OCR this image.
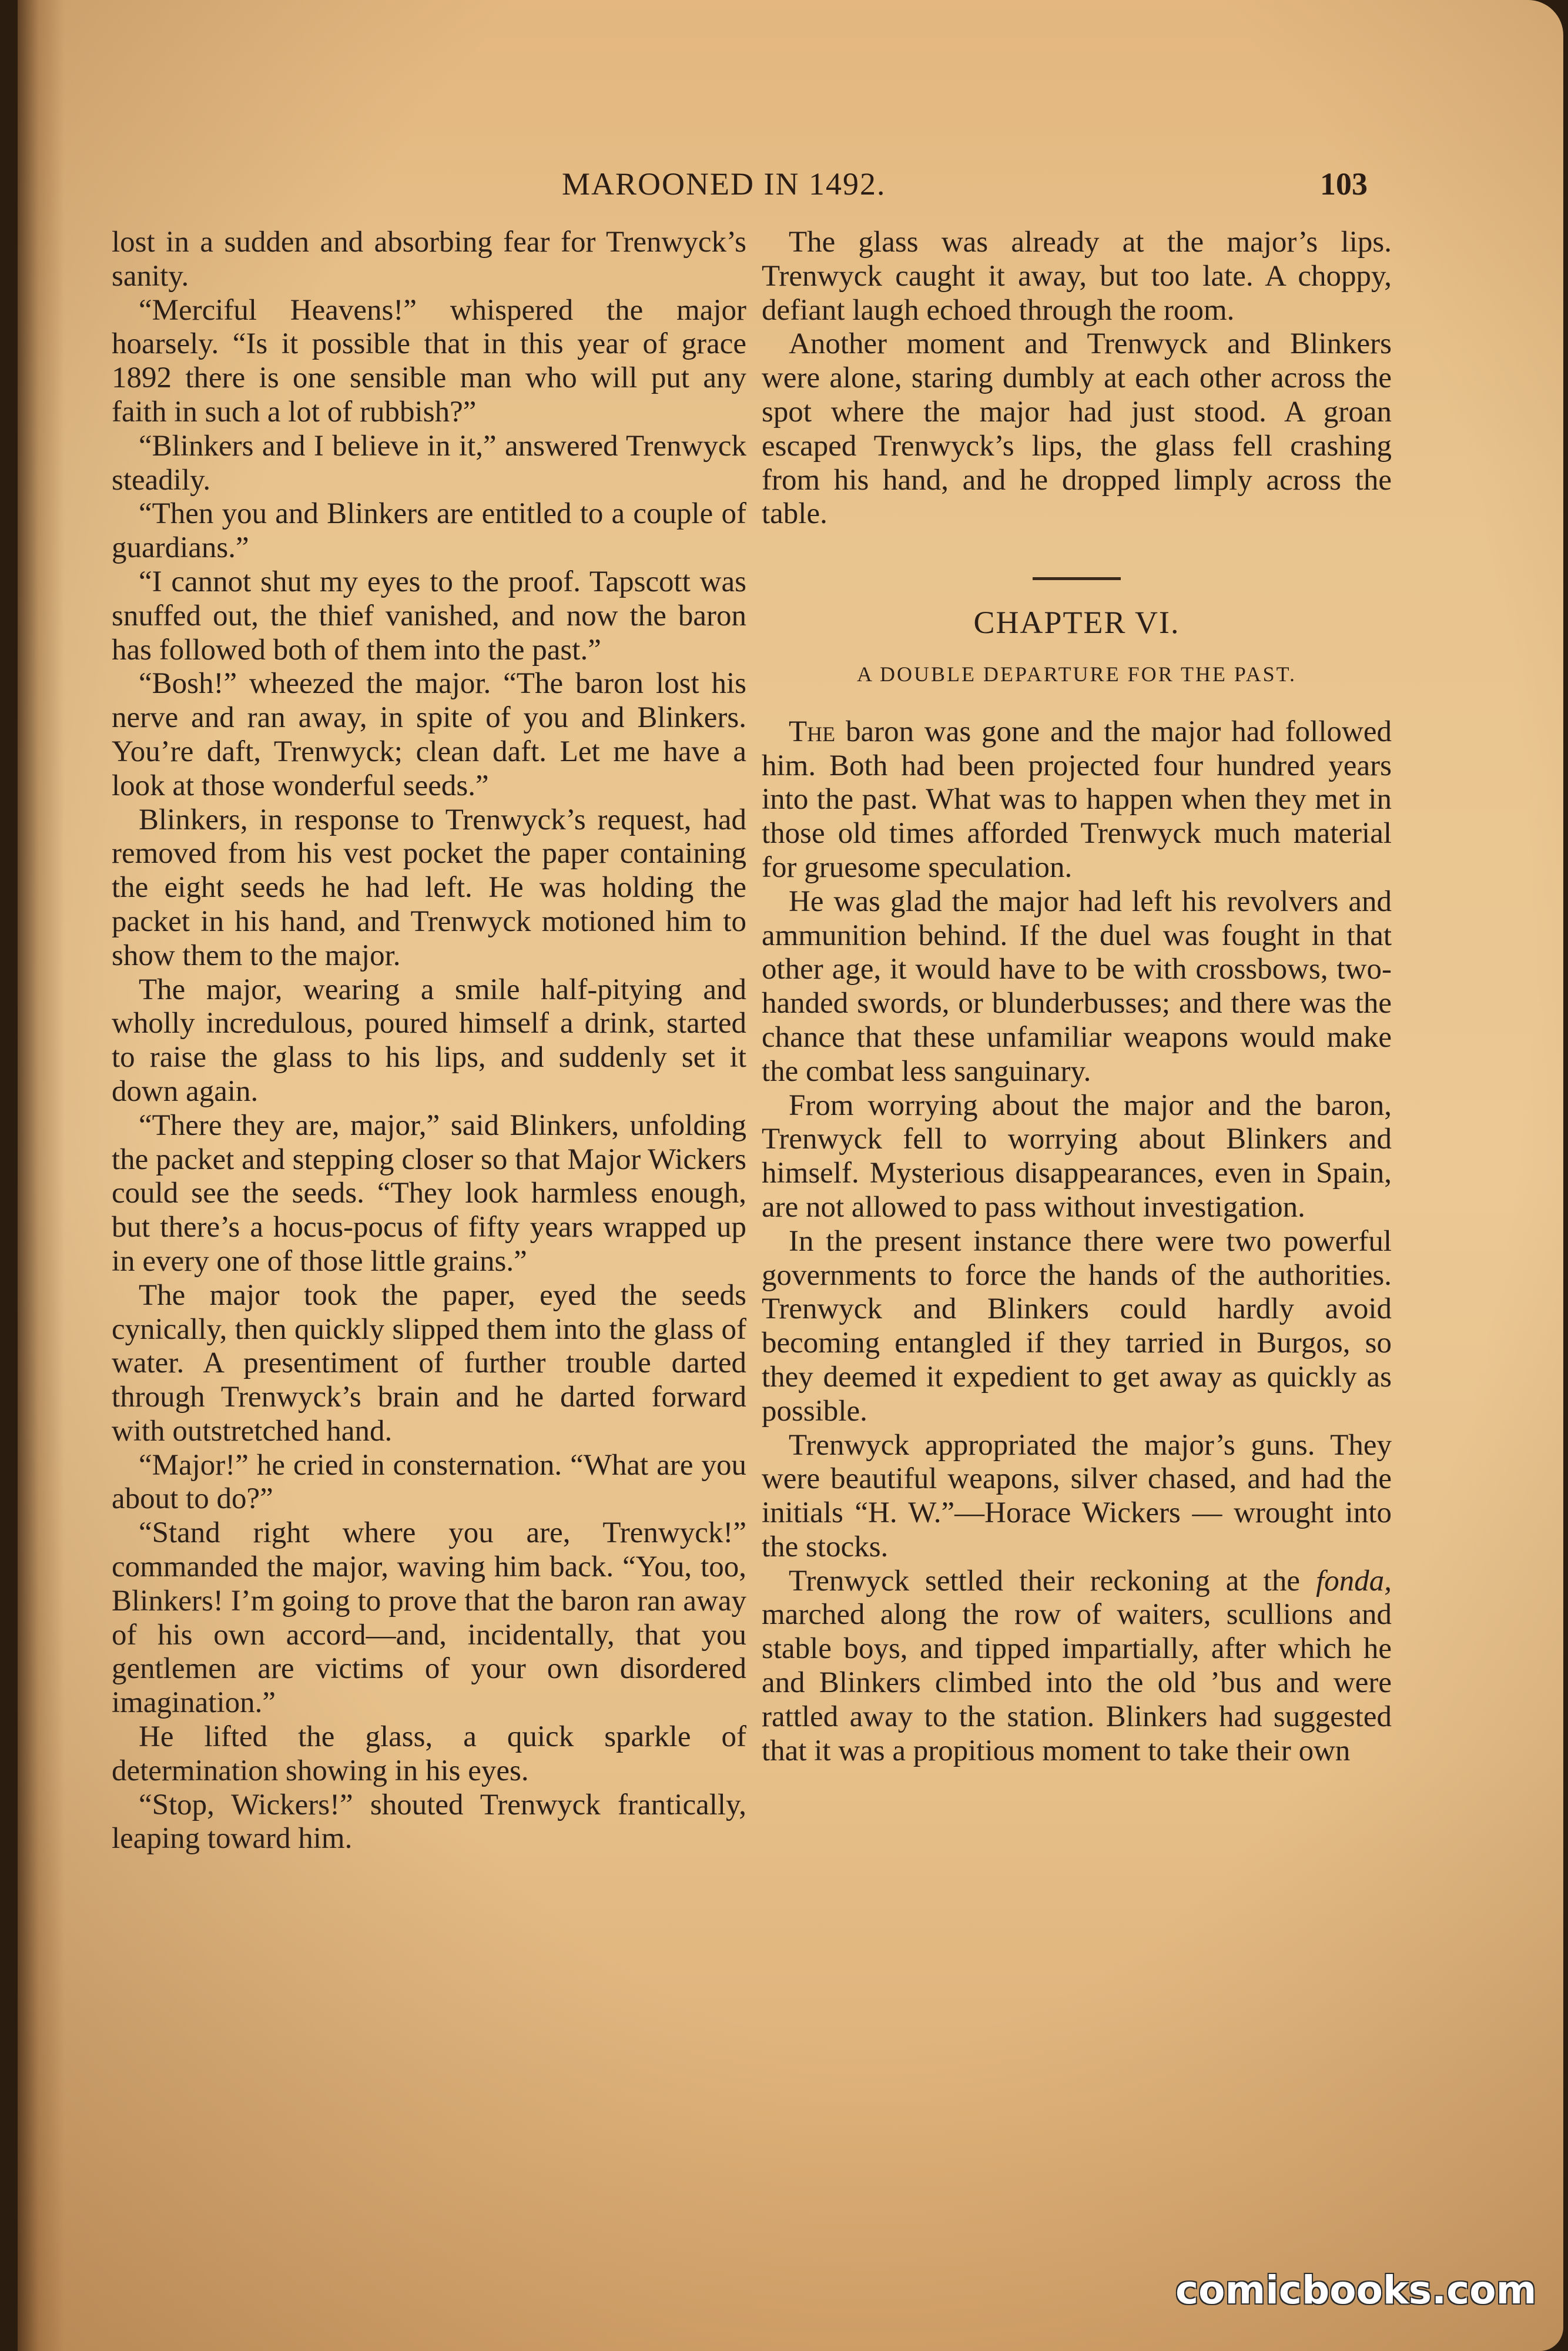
MAROONED IN 1492.	103

lost in a sudden and absorbing fear for Trenwyck’s sanity.

“Merciful Heavens!” whispered the major hoarsely. “Is it possible that in this year of grace 1892 there is one sensible man who will put any faith in such a lot of rubbish?”

“Blinkers and I believe in it,” answered Trenwyck steadily.

“Then you and Blinkers are entitled to a couple of guardians.”

“I cannot shut my eyes to the proof. Tapscott was snuffed out, the thief vanished, and now the baron has followed both of them into the past.”

“Bosh!” wheezed the major. “The baron lost his nerve and ran away, in spite of you and Blinkers. You’re daft, Trenwyck; clean daft. Let me have a look at those wonderful seeds.”

Blinkers, in response to Trenwyck’s request, had removed from his vest pocket the paper containing the eight seeds he had left. He was holding the packet in his hand, and Trenwyck motioned him to show them to the major.

The major, wearing a smile half-pitying and wholly incredulous, poured himself a drink, started to raise the glass to his lips, and suddenly set it down again.

“There they are, major,” said Blinkers, unfolding the packet and stepping closer so that Major Wickers could see the seeds. “They look harmless enough, but there’s a hocus-pocus of fifty years wrapped up in every one of those little grains.”

The major took the paper, eyed the seeds cynically, then quickly slipped them into the glass of water. A presentiment of further trouble darted through Trenwyck’s brain and he darted forward with outstretched hand.

“Major!” he cried in consternation. “What are you about to do?”

“Stand right where you are, Trenwyck!” commanded the major, waving him back. “You, too, Blinkers! I’m going to prove that the baron ran away of his own accord—and, incidentally, that you gentlemen are victims of your own disordered imagination.”

He lifted the glass, a quick sparkle of determination showing in his eyes.

“Stop, Wickers!” shouted Trenwyck frantically, leaping toward him.

The glass was already at the major’s lips. Trenwyck caught it away, but too late. A choppy, defiant laugh echoed through the room.

Another moment and Trenwyck and Blinkers were alone, staring dumbly at each other across the spot where the major had just stood. A groan escaped Trenwyck’s lips, the glass fell crashing from his hand, and he dropped limply across the table.

CHAPTER VI.
A DOUBLE DEPARTURE FOR THE PAST.

The baron was gone and the major had followed him. Both had been projected four hundred years into the past. What was to happen when they met in those old times afforded Trenwyck much material for gruesome speculation.

He was glad the major had left his revolvers and ammunition behind. If the duel was fought in that other age, it would have to be with crossbows, two-handed swords, or blunderbusses; and there was the chance that these unfamiliar weapons would make the combat less sanguinary.

From worrying about the major and the baron, Trenwyck fell to worrying about Blinkers and himself. Mysterious disappearances, even in Spain, are not allowed to pass without investigation.

In the present instance there were two powerful governments to force the hands of the authorities. Trenwyck and Blinkers could hardly avoid becoming entangled if they tarried in Burgos, so they deemed it expedient to get away as quickly as possible.

Trenwyck appropriated the major’s guns. They were beautiful weapons, silver chased, and had the initials “H. W.”—Horace Wickers — wrought into the stocks.

Trenwyck settled their reckoning at the fonda, marched along the row of waiters, scullions and stable boys, and tipped impartially, after which he and Blinkers climbed into the old ’bus and were rattled away to the station. Blinkers had suggested that it was a propitious moment to take their own

comicbooks.com
